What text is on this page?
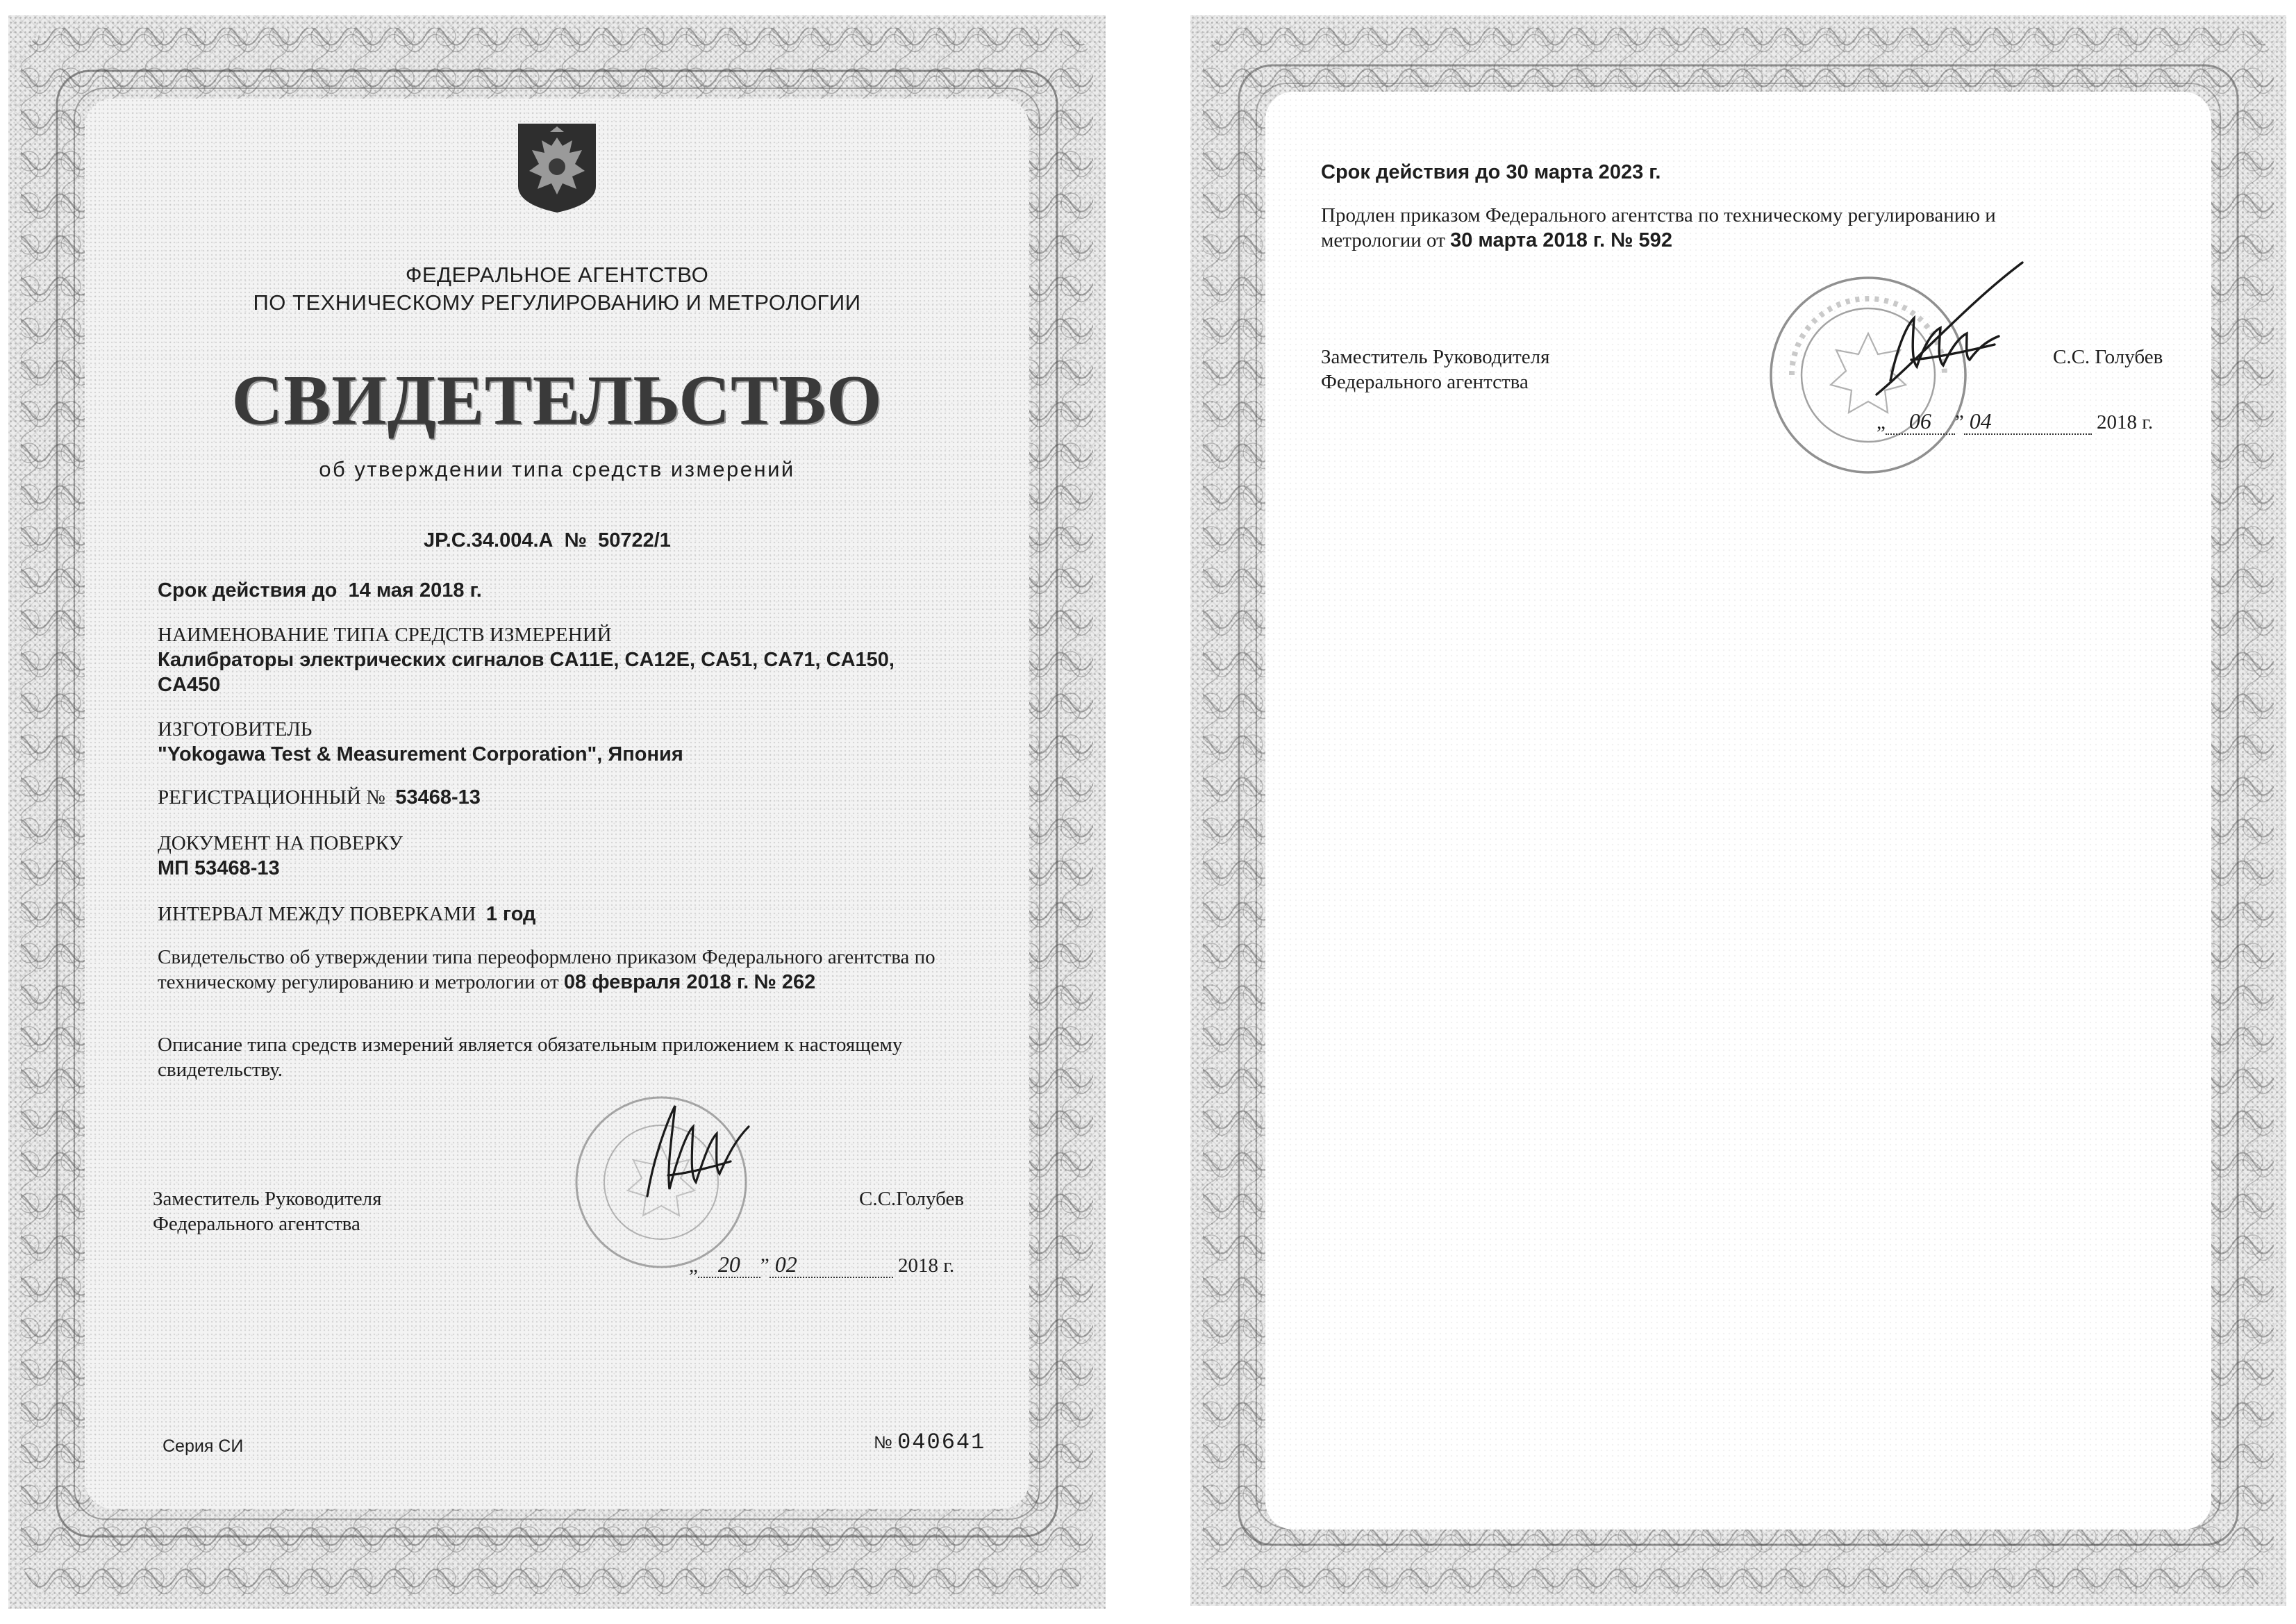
ФЕДЕРАЛЬНОЕ АГЕНТСТВО
ПО ТЕХНИЧЕСКОМУ РЕГУЛИРОВАНИЮ И МЕТРОЛОГИИ
СВИДЕТЕЛЬСТВО
об утверждении типа средств измерений
JP.C.34.004.A № 50722/1
Срок действия до 14 мая 2018 г.
НАИМЕНОВАНИЕ ТИПА СРЕДСТВ ИЗМЕРЕНИЙ
Калибраторы электрических сигналов CA11E, CA12E, CA51, CA71, CA150,
CA450
ИЗГОТОВИТЕЛЬ
"Yokogawa Test & Measurement Corporation", Япония
РЕГИСТРАЦИОННЫЙ № 53468-13
ДОКУМЕНТ НА ПОВЕРКУ
МП 53468-13
ИНТЕРВАЛ МЕЖДУ ПОВЕРКАМИ 1 год
Свидетельство об утверждении типа переоформлено приказом Федерального агентства по техническому регулированию и метрологии от 08 февраля 2018 г. № 262
Описание типа средств измерений является обязательным приложением к настоящему свидетельству.
Заместитель Руководителя
Федерального агентства
С.С.Голубев
„ 20 ” 02	2018 г.
Серия СИ	№ 040641
Срок действия до 30 марта 2023 г.
Продлен приказом Федерального агентства по техническому регулированию и
метрологии от 30 марта 2018 г. № 592
Заместитель Руководителя
Федерального агентства
С.С. Голубев
„ 06 ” 04	2018 г.
